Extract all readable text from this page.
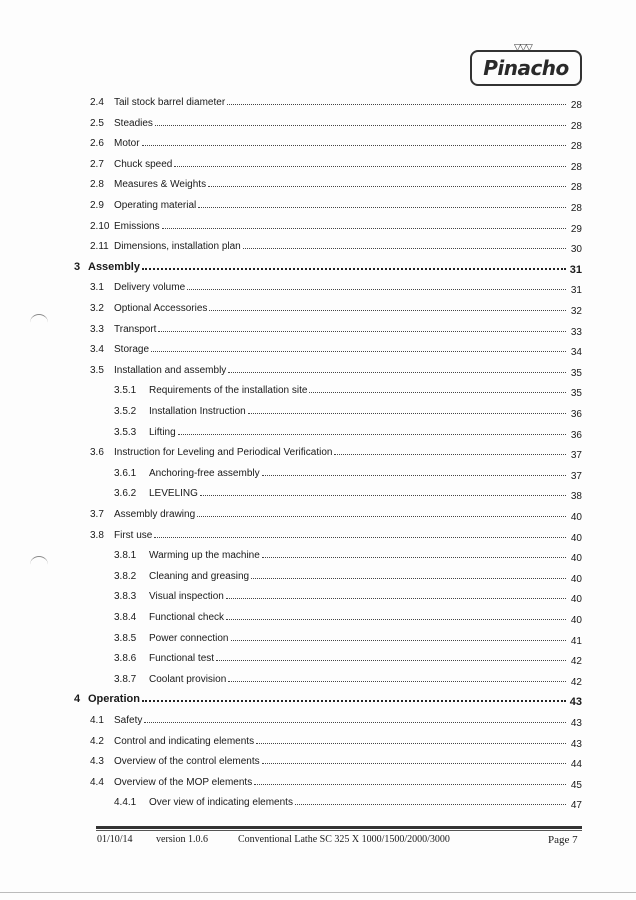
▽▽▽
Pinacho
2.4	Tail stock barrel diameter	28
2.5	Steadies	28
2.6	Motor	28
2.7	Chuck speed	28
2.8	Measures & Weights	28
2.9	Operating material	28
2.10 Emissions	29
2.11 Dimensions, installation plan	30
3 Assembly	31
3.1	Delivery volume	31
3.2	Optional Accessories	32
3.3	Transport	33
3.4	Storage	34
3.5	Installation and assembly	35
3.5.1	Requirements of the installation site	35
3.5.2	Installation Instruction	36
3.5.3	Lifting	36
3.6	Instruction for Leveling and Periodical Verification	37
3.6.1	Anchoring-free assembly	37
3.6.2	LEVELING	38
3.7	Assembly drawing	40
3.8	First use	40
3.8.1	Warming up the machine	40
3.8.2	Cleaning and greasing	40
3.8.3	Visual inspection	40
3.8.4	Functional check	40
3.8.5	Power connection	41
3.8.6	Functional test	42
3.8.7	Coolant provision	42
4 Operation	43
4.1	Safety	43
4.2	Control and indicating elements	43
4.3	Overview of the control elements	44
4.4	Overview of the MOP elements	45
4.4.1	Over view of indicating elements	47
01/10/14 version 1.0.6	Conventional Lathe SC 325 X 1000/1500/2000/3000	Page 7
